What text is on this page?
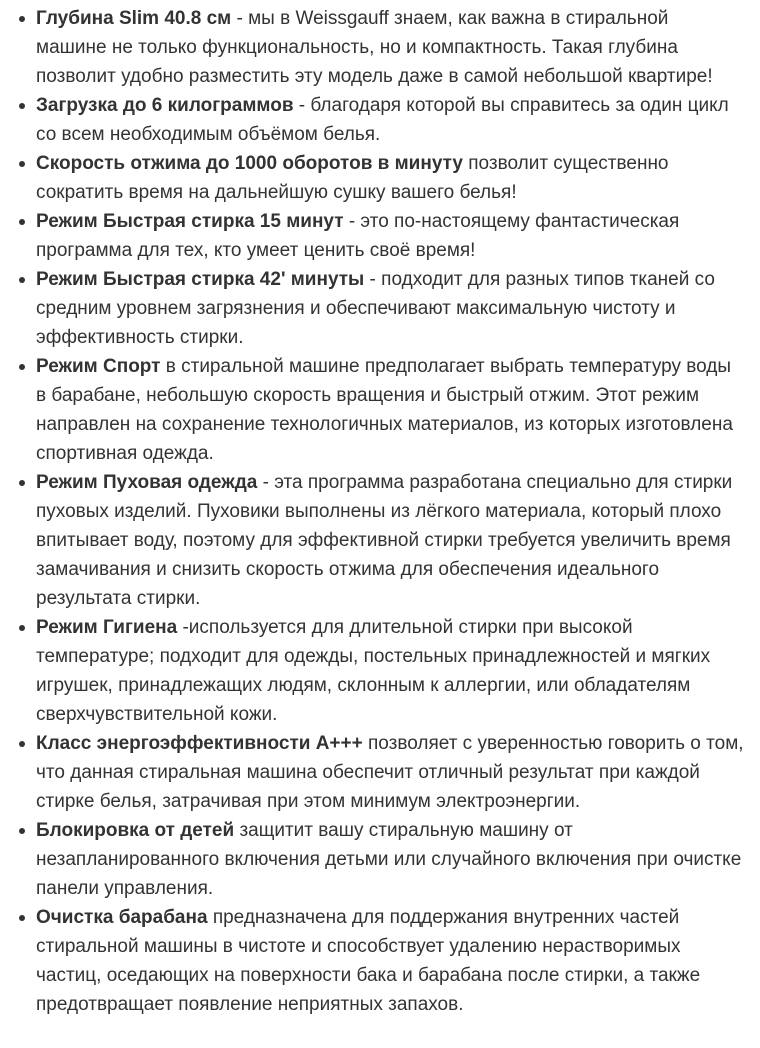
Глубина Slim 40.8 см - мы в Weissgauff знаем, как важна в стиральной машине не только функциональность, но и компактность. Такая глубина позволит удобно разместить эту модель даже в самой небольшой квартире!
Загрузка до 6 килограммов - благодаря которой вы справитесь за один цикл со всем необходимым объёмом белья.
Скорость отжима до 1000 оборотов в минуту позволит существенно сократить время на дальнейшую сушку вашего белья!
Режим Быстрая стирка 15 минут - это по-настоящему фантастическая программа для тех, кто умеет ценить своё время!
Режим Быстрая стирка 42' минуты - подходит для разных типов тканей со средним уровнем загрязнения и обеспечивают максимальную чистоту и эффективность стирки.
Режим Спорт в стиральной машине предполагает выбрать температуру воды в барабане, небольшую скорость вращения и быстрый отжим. Этот режим направлен на сохранение технологичных материалов, из которых изготовлена спортивная одежда.
Режим Пуховая одежда - эта программа разработана специально для стирки пуховых изделий. Пуховики выполнены из лёгкого материала, который плохо впитывает воду, поэтому для эффективной стирки требуется увеличить время замачивания и снизить скорость отжима для обеспечения идеального результата стирки.
Режим Гигиена -используется для длительной стирки при высокой температуре; подходит для одежды, постельных принадлежностей и мягких игрушек, принадлежащих людям, склонным к аллергии, или обладателям сверхчувствительной кожи.
Класс энергоэффективности A+++ позволяет с уверенностью говорить о том, что данная стиральная машина обеспечит отличный результат при каждой стирке белья, затрачивая при этом минимум электроэнергии.
Блокировка от детей защитит вашу стиральную машину от незапланированного включения детьми или случайного включения при очистке панели управления.
Очистка барабана предназначена для поддержания внутренних частей стиральной машины в чистоте и способствует удалению нерастворимых частиц, оседающих на поверхности бака и барабана после стирки, а также предотвращает появление неприятных запахов.
